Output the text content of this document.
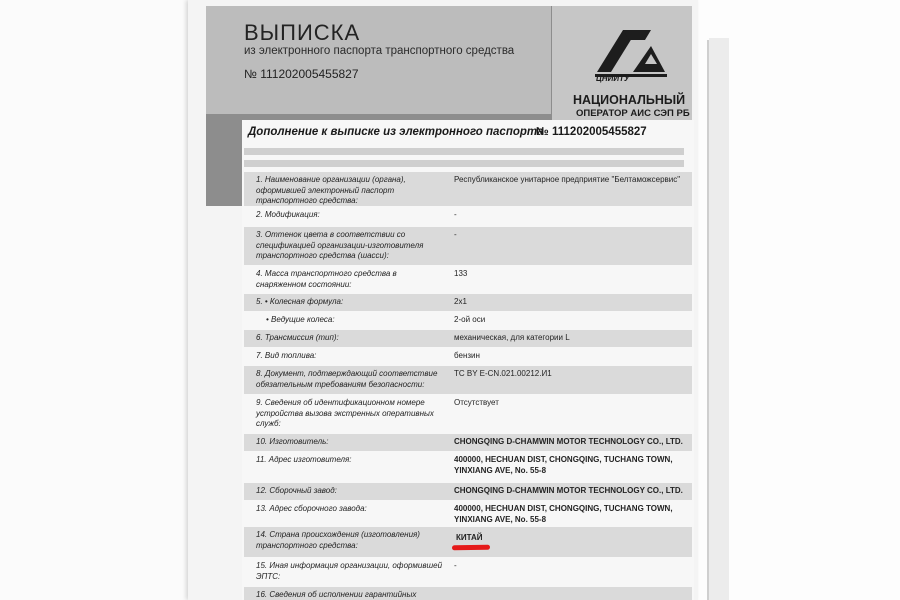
ВЫПИСКА
из электронного паспорта транспортного средства
№ 111202005455827	ЦНИИТУ
НАЦИОНАЛЬНЫЙ
ОПЕРАТОР АИС СЭП РБ
Дополнение к выписке из электронного паспорта
№ 111202005455827
1. Наименование организации (органа), оформившей электронный паспорт транспортного средства:
Республиканское унитарное предприятие "Белтаможсервис"
2. Модификация:	-
3. Оттенок цвета в соответствии со спецификацией организации-изготовителя транспортного средства (шасси):
-
4. Масса транспортного средства в снаряженном состоянии:
133
5. • Колесная формула:	2x1
• Ведущие колеса:	2-ой оси
6. Трансмиссия (тип):	механическая, для категории L
7. Вид топлива:	бензин
8. Документ, подтверждающий соответствие обязательным требованиям безопасности:
ТС BY E-CN.021.00212.И1
9. Сведения об идентификационном номере устройства вызова экстренных оперативных служб:
Отсутствует
10. Изготовитель:	CHONGQING D-CHAMWIN MOTOR TECHNOLOGY CO., LTD.
11. Адрес изготовителя:	400000, HECHUAN DIST, CHONGQING, TUCHANG TOWN, YINXIANG AVE, No. 55-8
12. Сборочный завод:	CHONGQING D-CHAMWIN MOTOR TECHNOLOGY CO., LTD.
13. Адрес сборочного завода:	400000, HECHUAN DIST, CHONGQING, TUCHANG TOWN, YINXIANG AVE, No. 55-8
14. Страна происхождения (изготовления) транспортного средства:
КИТАЙ
15. Иная информация организации, оформившей ЭПТС:
-
16. Сведения об исполнении гарантийных
